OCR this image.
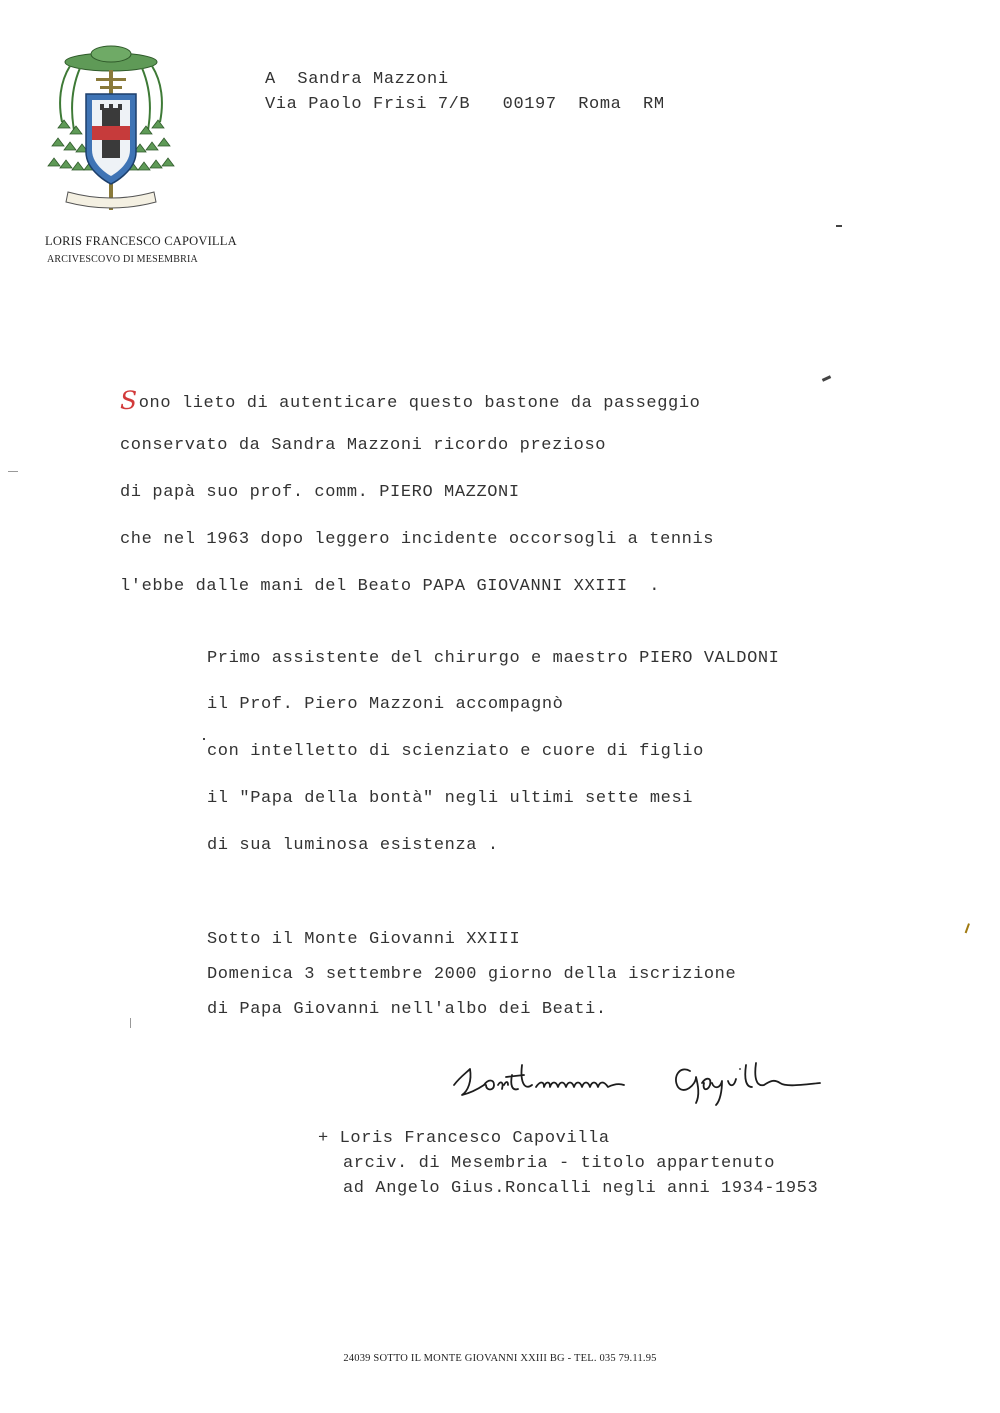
LORIS FRANCESCO CAPOVILLA
ARCIVESCOVO DI MESEMBRIA
A  Sandra Mazzoni
Via Paolo Frisi 7/B   00197  Roma  RM
Sono lieto di autenticare questo bastone da passeggio
conservato da Sandra Mazzoni ricordo prezioso
di papà suo prof. comm. PIERO MAZZONI
che nel 1963 dopo leggero incidente occorsogli a tennis
l'ebbe dalle mani del Beato PAPA GIOVANNI XXIII  .
Primo assistente del chirurgo e maestro PIERO VALDONI
il Prof. Piero Mazzoni accompagnò
con intelletto di scienziato e cuore di figlio
il "Papa della bontà" negli ultimi sette mesi
di sua luminosa esistenza .
Sotto il Monte Giovanni XXIII
Domenica 3 settembre 2000 giorno della iscrizione
di Papa Giovanni nell'albo dei Beati.
+ Loris Francesco Capovilla
arciv. di Mesembria - titolo appartenuto
ad Angelo Gius.Roncalli negli anni 1934-1953
24039 SOTTO IL MONTE GIOVANNI XXIII BG - TEL. 035 79.11.95
